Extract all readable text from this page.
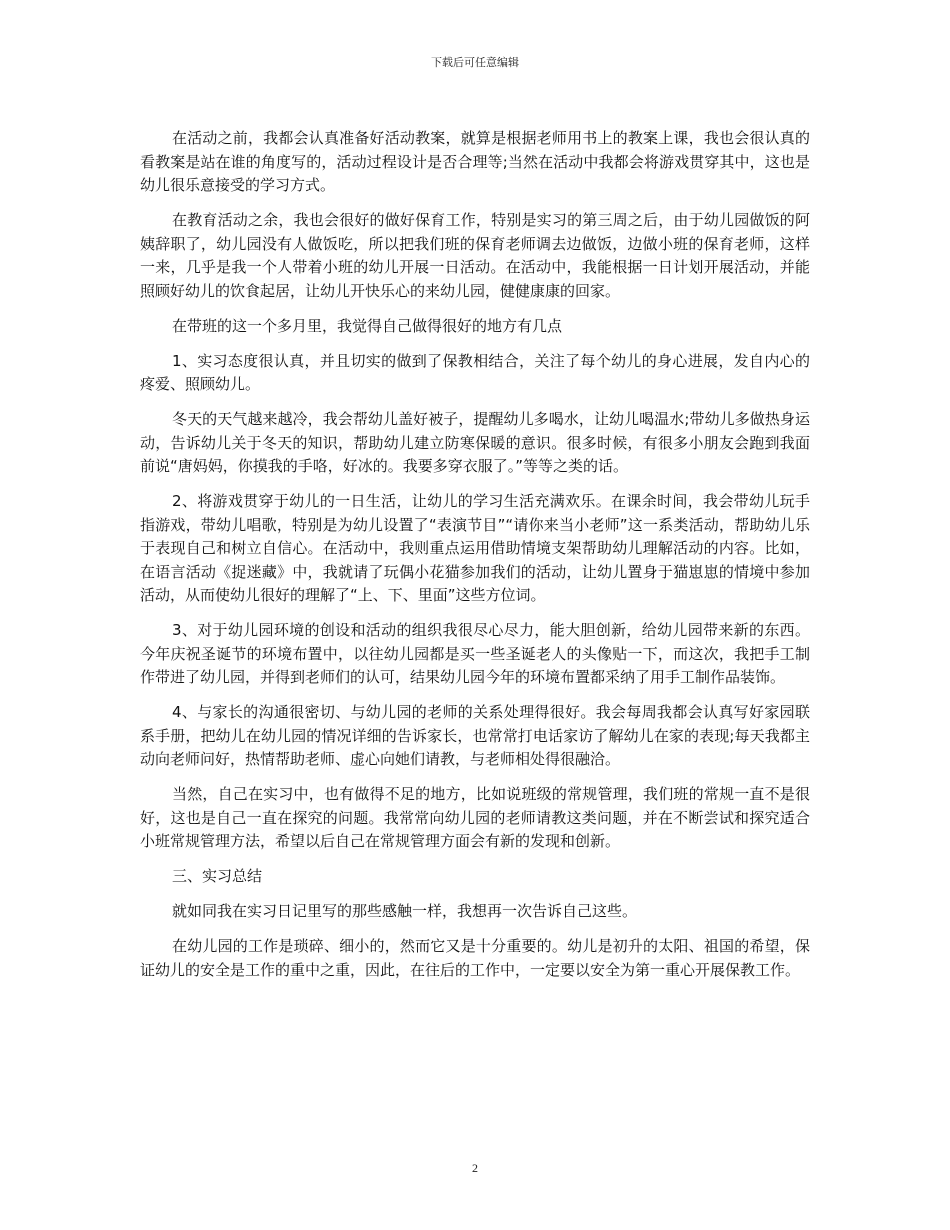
下载后可任意编辑

在活动之前，我都会认真准备好活动教案，就算是根据老师用书上的教案上课，我也会很认真的看教案是站在谁的角度写的，活动过程设计是否合理等;当然在活动中我都会将游戏贯穿其中，这也是幼儿很乐意接受的学习方式。

在教育活动之余，我也会很好的做好保育工作，特别是实习的第三周之后，由于幼儿园做饭的阿姨辞职了，幼儿园没有人做饭吃，所以把我们班的保育老师调去边做饭，边做小班的保育老师，这样一来，几乎是我一个人带着小班的幼儿开展一日活动。在活动中，我能根据一日计划开展活动，并能照顾好幼儿的饮食起居，让幼儿开快乐心的来幼儿园，健健康康的回家。

在带班的这一个多月里，我觉得自己做得很好的地方有几点

1、实习态度很认真，并且切实的做到了保教相结合，关注了每个幼儿的身心进展，发自内心的疼爱、照顾幼儿。

冬天的天气越来越冷，我会帮幼儿盖好被子，提醒幼儿多喝水，让幼儿喝温水;带幼儿多做热身运动，告诉幼儿关于冬天的知识，帮助幼儿建立防寒保暖的意识。很多时候，有很多小朋友会跑到我面前说“唐妈妈，你摸我的手咯，好冰的。我要多穿衣服了。”等等之类的话。

2、将游戏贯穿于幼儿的一日生活，让幼儿的学习生活充满欢乐。在课余时间，我会带幼儿玩手指游戏，带幼儿唱歌，特别是为幼儿设置了“表演节目”“请你来当小老师”这一系类活动，帮助幼儿乐于表现自己和树立自信心。在活动中，我则重点运用借助情境支架帮助幼儿理解活动的内容。比如，在语言活动《捉迷藏》中，我就请了玩偶小花猫参加我们的活动，让幼儿置身于猫崽崽的情境中参加活动，从而使幼儿很好的理解了“上、下、里面”这些方位词。

3、对于幼儿园环境的创设和活动的组织我很尽心尽力，能大胆创新，给幼儿园带来新的东西。今年庆祝圣诞节的环境布置中，以往幼儿园都是买一些圣诞老人的头像贴一下，而这次，我把手工制作带进了幼儿园，并得到老师们的认可，结果幼儿园今年的环境布置都采纳了用手工制作品装饰。

4、与家长的沟通很密切、与幼儿园的老师的关系处理得很好。我会每周我都会认真写好家园联系手册，把幼儿在幼儿园的情况详细的告诉家长，也常常打电话家访了解幼儿在家的表现;每天我都主动向老师问好，热情帮助老师、虚心向她们请教，与老师相处得很融洽。

当然，自己在实习中，也有做得不足的地方，比如说班级的常规管理，我们班的常规一直不是很好，这也是自己一直在探究的问题。我常常向幼儿园的老师请教这类问题，并在不断尝试和探究适合小班常规管理方法，希望以后自己在常规管理方面会有新的发现和创新。

三、实习总结

就如同我在实习日记里写的那些感触一样，我想再一次告诉自己这些。

在幼儿园的工作是琐碎、细小的，然而它又是十分重要的。幼儿是初升的太阳、祖国的希望，保证幼儿的安全是工作的重中之重，因此，在往后的工作中，一定要以安全为第一重心开展保教工作。

2
